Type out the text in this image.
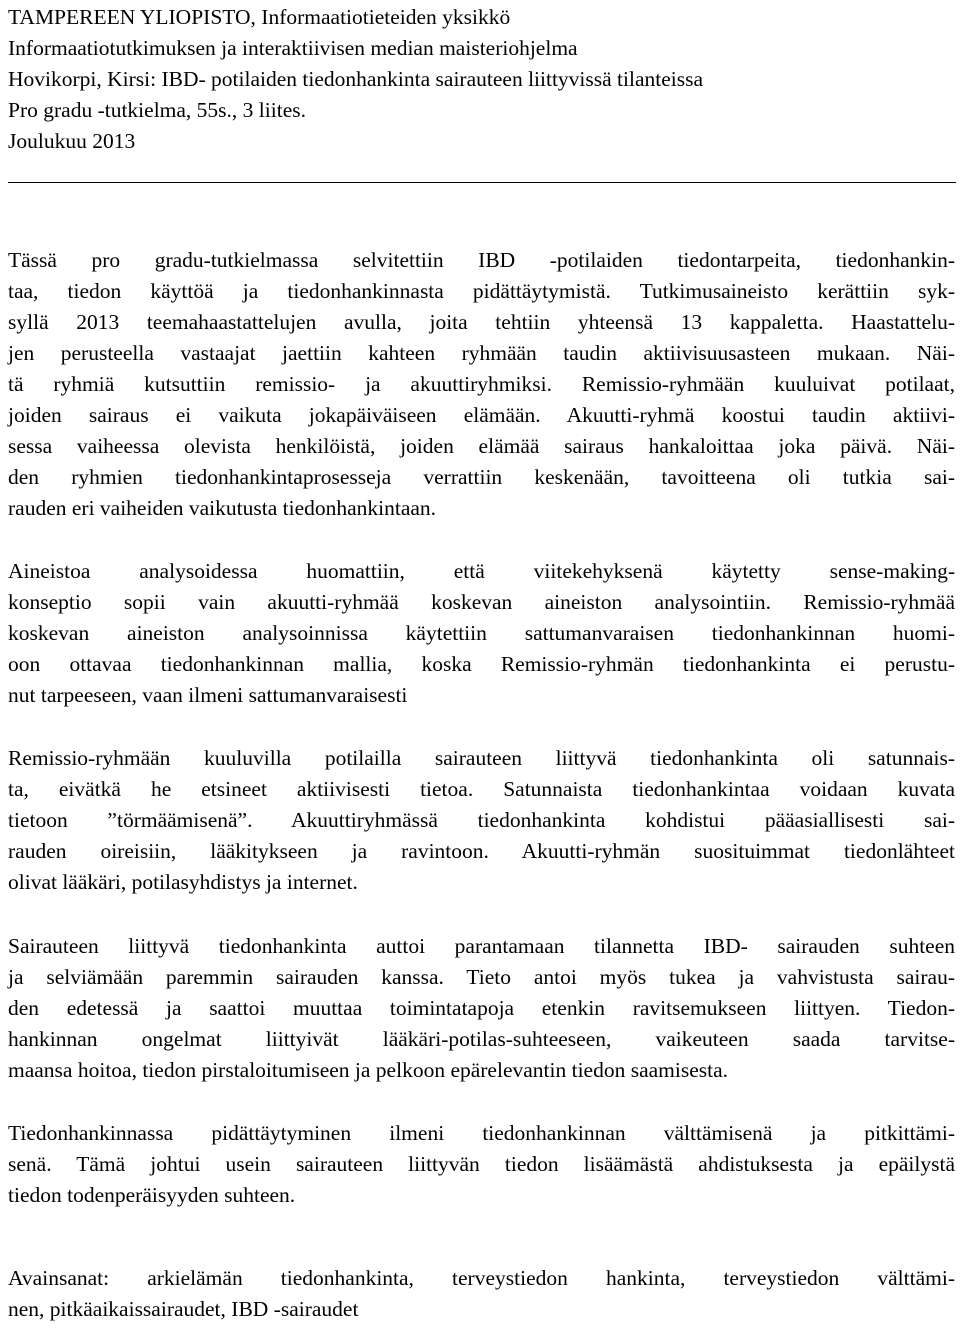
TAMPEREEN YLIOPISTO, Informaatiotieteiden yksikkö
Informaatiotutkimuksen ja interaktiivisen median maisteriohjelma
Hovikorpi, Kirsi: IBD- potilaiden tiedonhankinta sairauteen liittyvissä tilanteissa
Pro gradu -tutkielma, 55s., 3 liites.
Joulukuu 2013
Tässä pro gradu-tutkielmassa selvitettiin IBD -potilaiden tiedontarpeita, tiedonhankin-
taa, tiedon käyttöä ja tiedonhankinnasta pidättäytymistä. Tutkimusaineisto kerättiin syk-
syllä 2013 teemahaastattelujen avulla, joita tehtiin yhteensä 13 kappaletta. Haastattelu-
jen perusteella vastaajat jaettiin kahteen ryhmään taudin aktiivisuusasteen mukaan. Näi-
tä ryhmiä kutsuttiin remissio- ja akuuttiryhmiksi. Remissio-ryhmään kuuluivat potilaat,
joiden sairaus ei vaikuta jokapäiväiseen elämään. Akuutti-ryhmä koostui taudin aktiivi-
sessa vaiheessa olevista henkilöistä, joiden elämää sairaus hankaloittaa joka päivä. Näi-
den ryhmien tiedonhankintaprosesseja verrattiin keskenään, tavoitteena oli tutkia sai-
rauden eri vaiheiden vaikutusta tiedonhankintaan.
Aineistoa analysoidessa huomattiin, että viitekehyksenä käytetty sense-making-
konseptio sopii vain akuutti-ryhmää koskevan aineiston analysointiin. Remissio-ryhmää
koskevan aineiston analysoinnissa käytettiin sattumanvaraisen tiedonhankinnan huomi-
oon ottavaa tiedonhankinnan mallia, koska Remissio-ryhmän tiedonhankinta ei perustu-
nut tarpeeseen, vaan ilmeni sattumanvaraisesti
Remissio-ryhmään kuuluvilla potilailla sairauteen liittyvä tiedonhankinta oli satunnais-
ta, eivätkä he etsineet aktiivisesti tietoa. Satunnaista tiedonhankintaa voidaan kuvata
tietoon ”törmäämisenä”. Akuuttiryhmässä tiedonhankinta kohdistui pääasiallisesti sai-
rauden oireisiin, lääkitykseen ja ravintoon. Akuutti-ryhmän suosituimmat tiedonlähteet
olivat lääkäri, potilasyhdistys ja internet.
Sairauteen liittyvä tiedonhankinta auttoi parantamaan tilannetta IBD- sairauden suhteen
ja selviämään paremmin sairauden kanssa. Tieto antoi myös tukea ja vahvistusta sairau-
den edetessä ja saattoi muuttaa toimintatapoja etenkin ravitsemukseen liittyen. Tiedon-
hankinnan ongelmat liittyivät lääkäri-potilas-suhteeseen, vaikeuteen saada tarvitse-
maansa hoitoa, tiedon pirstaloitumiseen ja pelkoon epärelevantin tiedon saamisesta.
Tiedonhankinnassa pidättäytyminen ilmeni tiedonhankinnan välttämisenä ja pitkittämi-
senä. Tämä johtui usein sairauteen liittyvän tiedon lisäämästä ahdistuksesta ja epäilystä
tiedon todenperäisyyden suhteen.
Avainsanat: arkielämän tiedonhankinta, terveystiedon hankinta, terveystiedon välttämi-
nen, pitkäaikaissairaudet, IBD -sairaudet
